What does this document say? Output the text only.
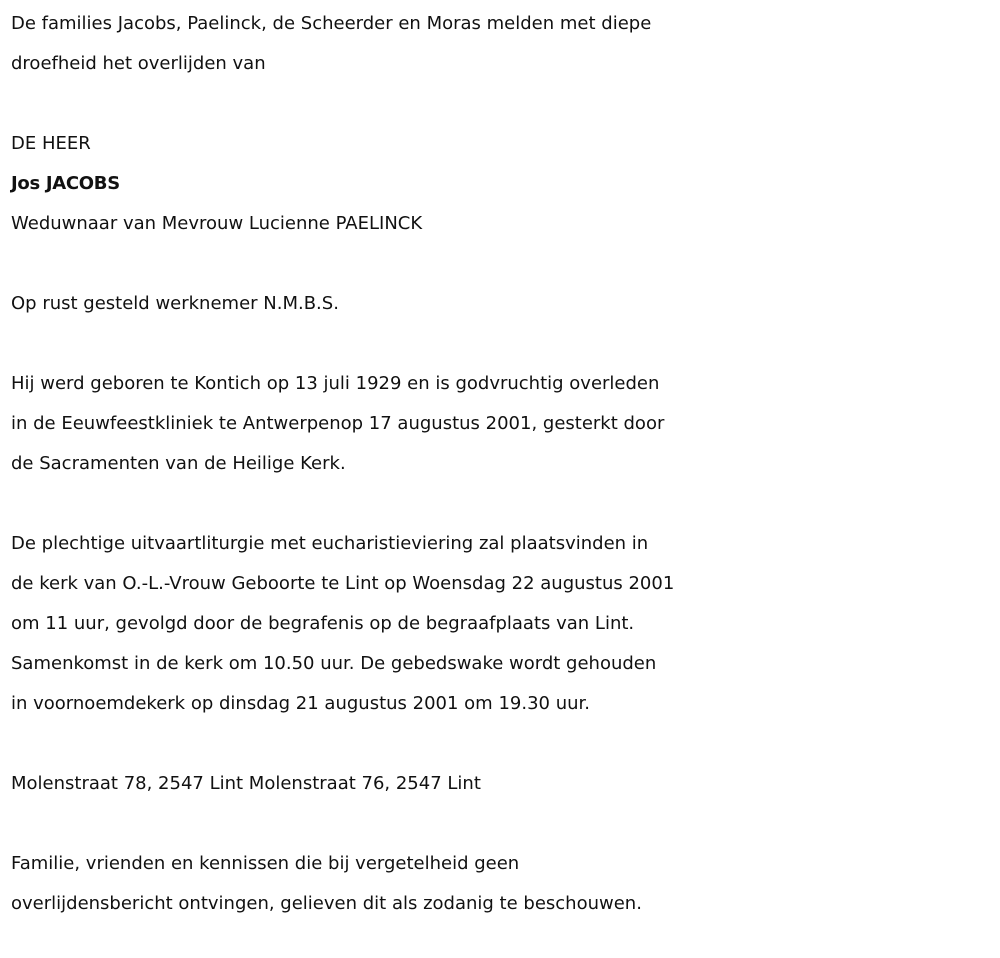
De families Jacobs, Paelinck, de Scheerder en Moras melden met diepe

droefheid het overlijden van

DE HEER

Jos JACOBS

Weduwnaar van Mevrouw Lucienne PAELINCK

Op rust gesteld werknemer N.M.B.S.

Hij werd geboren te Kontich op 13 juli 1929 en is godvruchtig overleden

in de Eeuwfeestkliniek te Antwerpenop 17 augustus 2001, gesterkt door

de Sacramenten van de Heilige Kerk.

De plechtige uitvaartliturgie met eucharistieviering zal plaatsvinden in

de kerk van O.-L.-Vrouw Geboorte te Lint op Woensdag 22 augustus 2001

om 11 uur, gevolgd door de begrafenis op de begraafplaats van Lint.

Samenkomst in de kerk om 10.50 uur. De gebedswake wordt gehouden

in voornoemdekerk op dinsdag 21 augustus 2001 om 19.30 uur.

Molenstraat 78, 2547 Lint Molenstraat 76, 2547 Lint

Familie, vrienden en kennissen die bij vergetelheid geen

overlijdensbericht ontvingen, gelieven dit als zodanig te beschouwen.
